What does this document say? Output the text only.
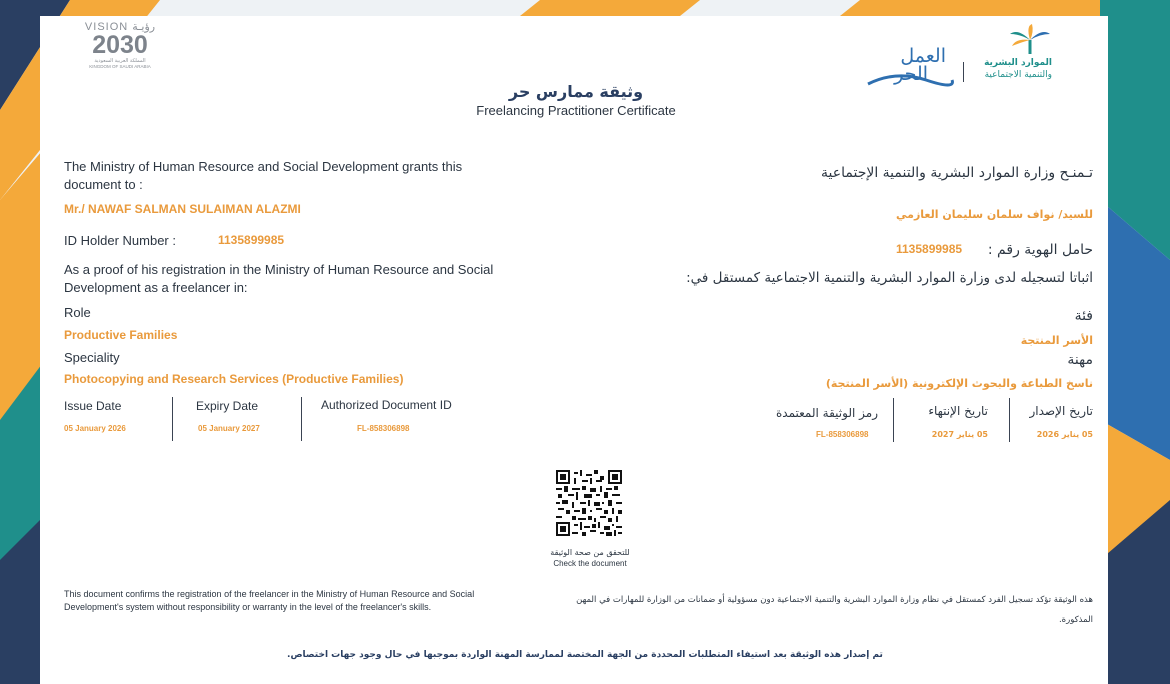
VISION رؤيـة
2030
المملكة العربية السعودية
KINGDOM OF SAUDI ARABIA	العمل
الحر	الموارد البشرية
والتنمية الاجتماعية
وثيقة ممارس حر
Freelancing Practitioner Certificate
The Ministry of Human Resource and Social Development grants this document to :
Mr./ NAWAF SALMAN SULAIMAN ALAZMI
ID Holder Number :	1135899985
As a proof of his registration in the Ministry of Human Resource and Social Development as a freelancer in:
Role
Productive Families
Speciality
Photocopying and Research Services (Productive Families)
Issue Date
05 January 2026
Expiry Date
05 January 2027
Authorized Document ID
FL-858306898
تـمنـح وزارة الموارد البشرية والتنمية الإجتماعية
للسيد/ نواف سلمان سليمان العازمي
حامل الهوية رقم :
1135899985
اثباتا لتسجيله لدى وزارة الموارد البشرية والتنمية الاجتماعية كمستقل في:
فئة
الأسر المنتجة
مهنة
ناسخ الطباعة والبحوث الإلكترونية (الأسر المنتجة)
تاريخ الإصدار
05 يناير 2026
تاريخ الإنتهاء
05 يناير 2027
رمز الوثيقة المعتمدة
FL-858306898
للتحقق من صحة الوثيقة
Check the document
This document confirms the registration of the freelancer in the Ministry of Human Resource and Social Development's system without responsibility or warranty in the level of the freelancer's skills.
هذه الوثيقة تؤكد تسجيل الفرد كمستقل في نظام وزارة الموارد البشرية والتنمية الاجتماعية دون مسؤولية أو ضمانات من الوزارة للمهارات في المهن المذكورة.
تم إصدار هذه الوثيقة بعد استيفاء المتطلبات المحددة من الجهة المختصة لممارسة المهنة الواردة بموجبها في حال وجود جهات اختصاص.
